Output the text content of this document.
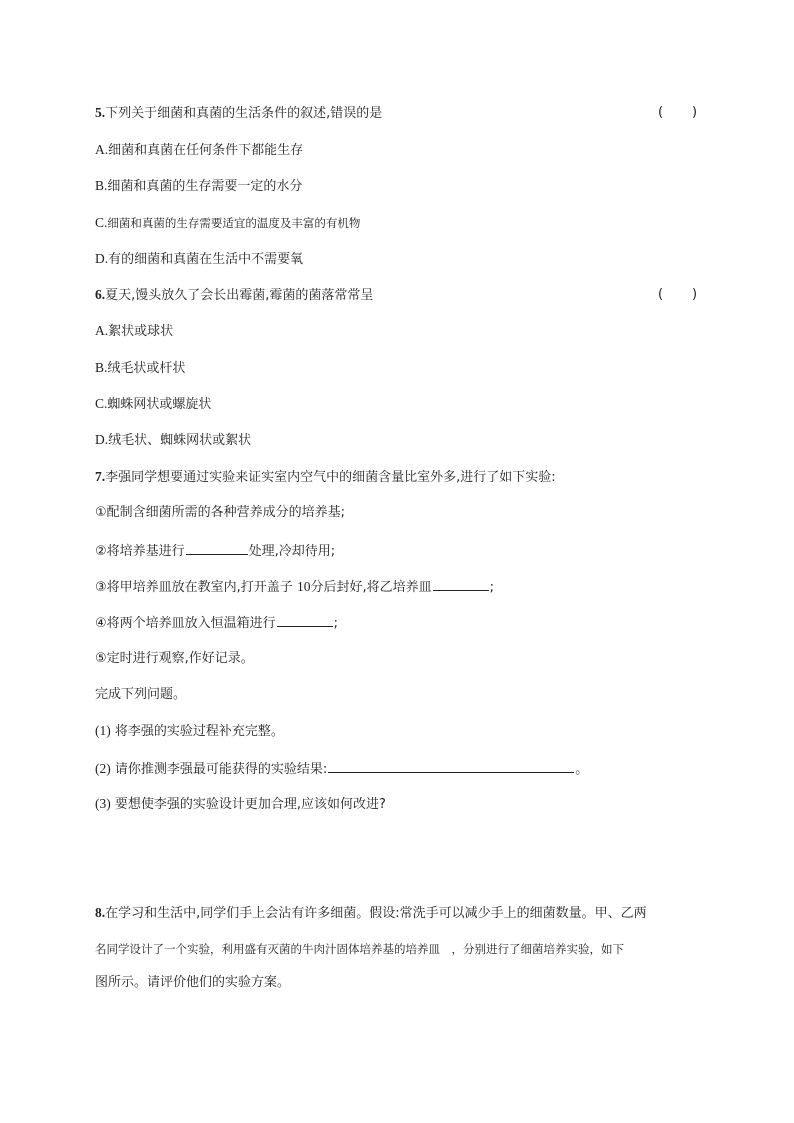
5.下列关于细菌和真菌的生活条件的叙述,错误的是	(       )
A.细菌和真菌在任何条件下都能生存
B.细菌和真菌的生存需要一定的水分
C.细菌和真菌的生存需要适宜的温度及丰富的有机物
D.有的细菌和真菌在生活中不需要氧
6.夏天,馒头放久了会长出霉菌,霉菌的菌落常常呈	(       )
A.絮状或球状
B.绒毛状或杆状
C.蜘蛛网状或螺旋状
D.绒毛状、蜘蛛网状或絮状
7.李强同学想要通过实验来证实室内空气中的细菌含量比室外多,进行了如下实验:
①配制含细菌所需的各种营养成分的培养基;
②将培养基进行	处理,冷却待用;
③将甲培养皿放在教室内,打开盖子 10分后封好,将乙培养皿	;
④将两个培养皿放入恒温箱进行	;
⑤定时进行观察,作好记录。
完成下列问题。
(1) 将李强的实验过程补充完整。
(2) 请你推测李强最可能获得的实验结果:	。
(3) 要想使李强的实验设计更加合理,应该如何改进?
8.在学习和生活中,同学们手上会沾有许多细菌。假设:常洗手可以减少手上的细菌数量。甲、乙两
名同学设计了一个实验，利用盛有灭菌的牛肉汁固体培养基的培养皿　，分别进行了细菌培养实验，如下
图所示。请评价他们的实验方案。
